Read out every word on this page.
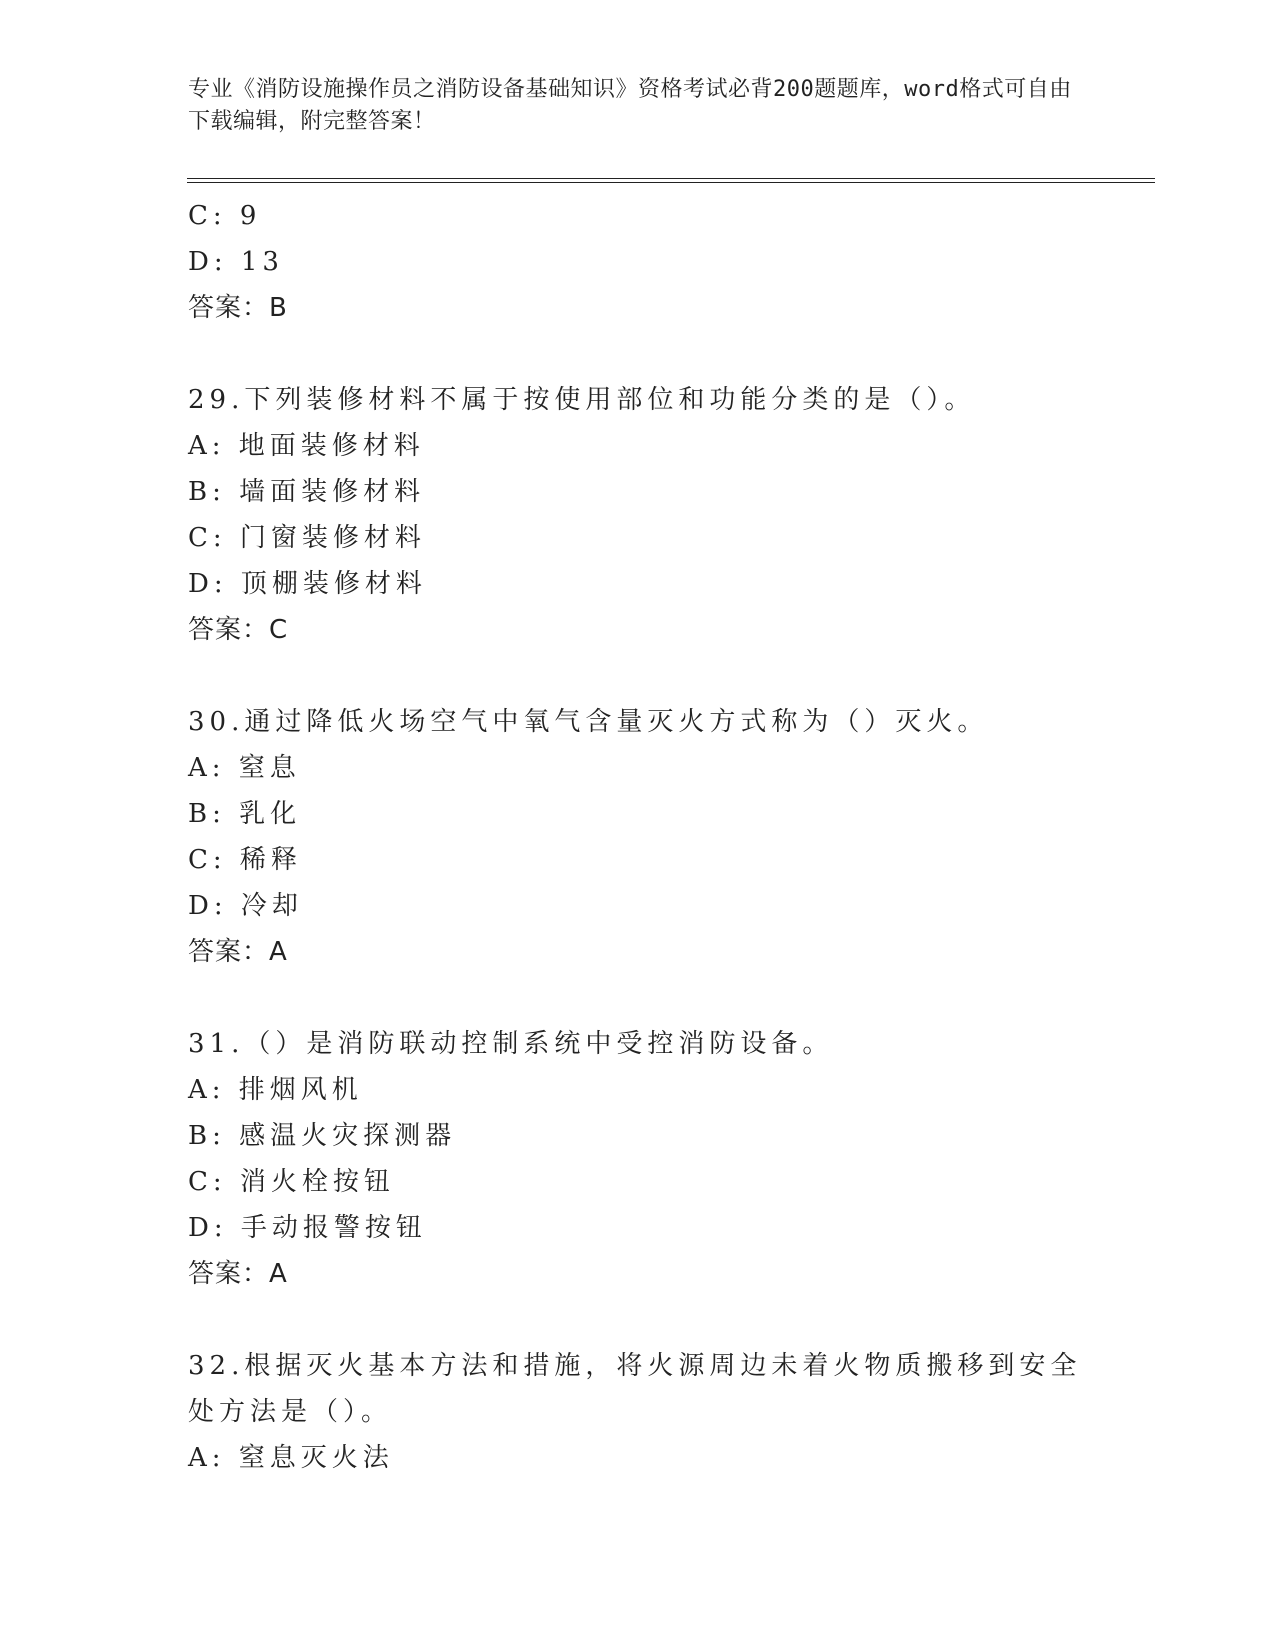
专业《消防设施操作员之消防设备基础知识》资格考试必背200题题库，word格式可自由下载编辑，附完整答案！
C: 9
D: 13
答案：B
29.下列装修材料不属于按使用部位和功能分类的是（）。
A: 地面装修材料
B: 墙面装修材料
C: 门窗装修材料
D: 顶棚装修材料
答案：C
30.通过降低火场空气中氧气含量灭火方式称为（）灭火。
A: 窒息
B: 乳化
C: 稀释
D: 冷却
答案：A
31.（）是消防联动控制系统中受控消防设备。
A: 排烟风机
B: 感温火灾探测器
C: 消火栓按钮
D: 手动报警按钮
答案：A
32.根据灭火基本方法和措施，将火源周边未着火物质搬移到安全处方法是（）。
A: 窒息灭火法
